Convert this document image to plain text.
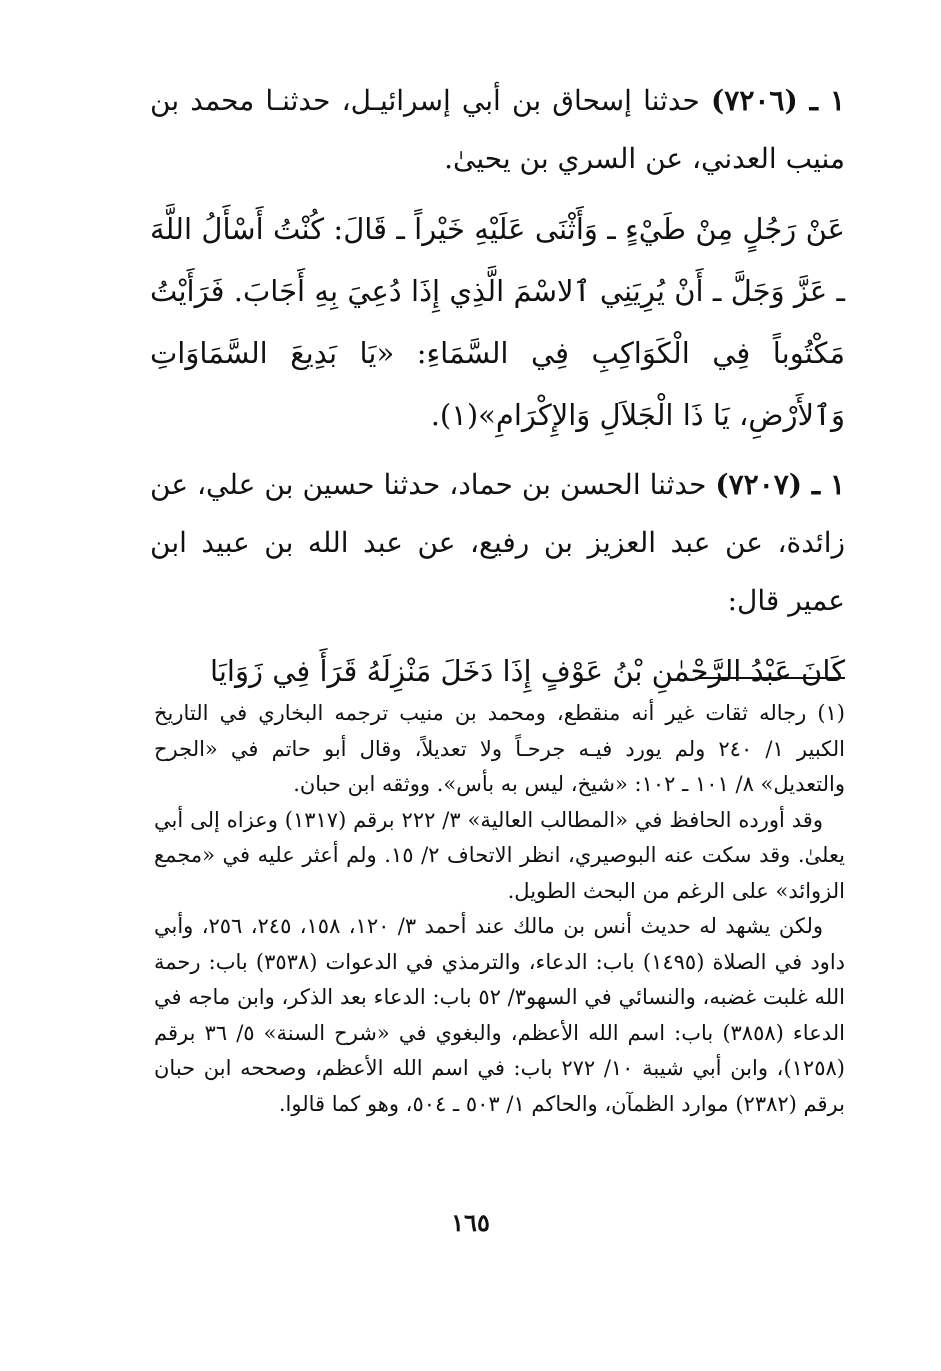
١ ـ (٧٢٠٦) حدثنا إسحاق بن أبي إسرائيـل، حدثنـا محمد بن منيب العدني، عن السري بن يحيىٰ.

عَنْ رَجُلٍ مِنْ طَيْءٍ ـ وَأَثْنَى عَلَيْهِ خَيْراً ـ قَالَ: كُنْتُ أَسْأَلُ اللَّهَ ـ عَزَّ وَجَلَّ ـ أَنْ يُرِيَنِي ٱلاسْمَ الَّذِي إِذَا دُعِيَ بِهِ أَجَابَ. فَرَأَيْتُ مَكْتُوباً فِي الْكَوَاكِبِ فِي السَّمَاءِ: «يَا بَدِيعَ السَّمَاوَاتِ وَٱلأَرْضِ، يَا ذَا الْجَلاَلِ وَالإِكْرَامِ»(١).

١ ـ (٧٢٠٧) حدثنا الحسن بن حماد، حدثنا حسين بن علي، عن زائدة، عن عبد العزيز بن رفيع، عن عبد الله بن عبيد ابن عمير قال:

كَانَ عَبْدُ الرَّحْمٰنِ بْنُ عَوْفٍ إِذَا دَخَلَ مَنْزِلَهُ قَرَأَ فِي زَوَايَا

(١) رجاله ثقات غير أنه منقطع، ومحمد بن منيب ترجمه البخاري في التاريخ الكبير ١/ ٢٤٠ ولم يورد فيـه جرحـاً ولا تعديلاً، وقال أبو حاتم في «الجرح والتعديل» ٨/ ١٠١ ـ ١٠٢: «شيخ، ليس به بأس». ووثقه ابن حبان.

وقد أورده الحافظ في «المطالب العالية» ٣/ ٢٢٢ برقم (١٣١٧) وعزاه إلى أبي يعلىٰ. وقد سكت عنه البوصيري، انظر الاتحاف ٢/ ١٥. ولم أعثر عليه في «مجمع الزوائد» على الرغم من البحث الطويل.

ولكن يشهد له حديث أنس بن مالك عند أحمد ٣/ ١٢٠، ١٥٨، ٢٤٥، ٢٥٦، وأبي داود في الصلاة (١٤٩٥) باب: الدعاء، والترمذي في الدعوات (٣٥٣٨) باب: رحمة الله غلبت غضبه، والنسائي في السهو٣/ ٥٢ باب: الدعاء بعد الذكر، وابن ماجه في الدعاء (٣٨٥٨) باب: اسم الله الأعظم، والبغوي في «شرح السنة» ٥/ ٣٦ برقم (١٢٥٨)، وابن أبي شيبة ١٠/ ٢٧٢ باب: في اسم الله الأعظم، وصححه ابن حبان برقم (٢٣٨٢) موارد الظمآن، والحاكم ١/ ٥٠٣ ـ ٥٠٤، وهو كما قالوا.

١٦٥
